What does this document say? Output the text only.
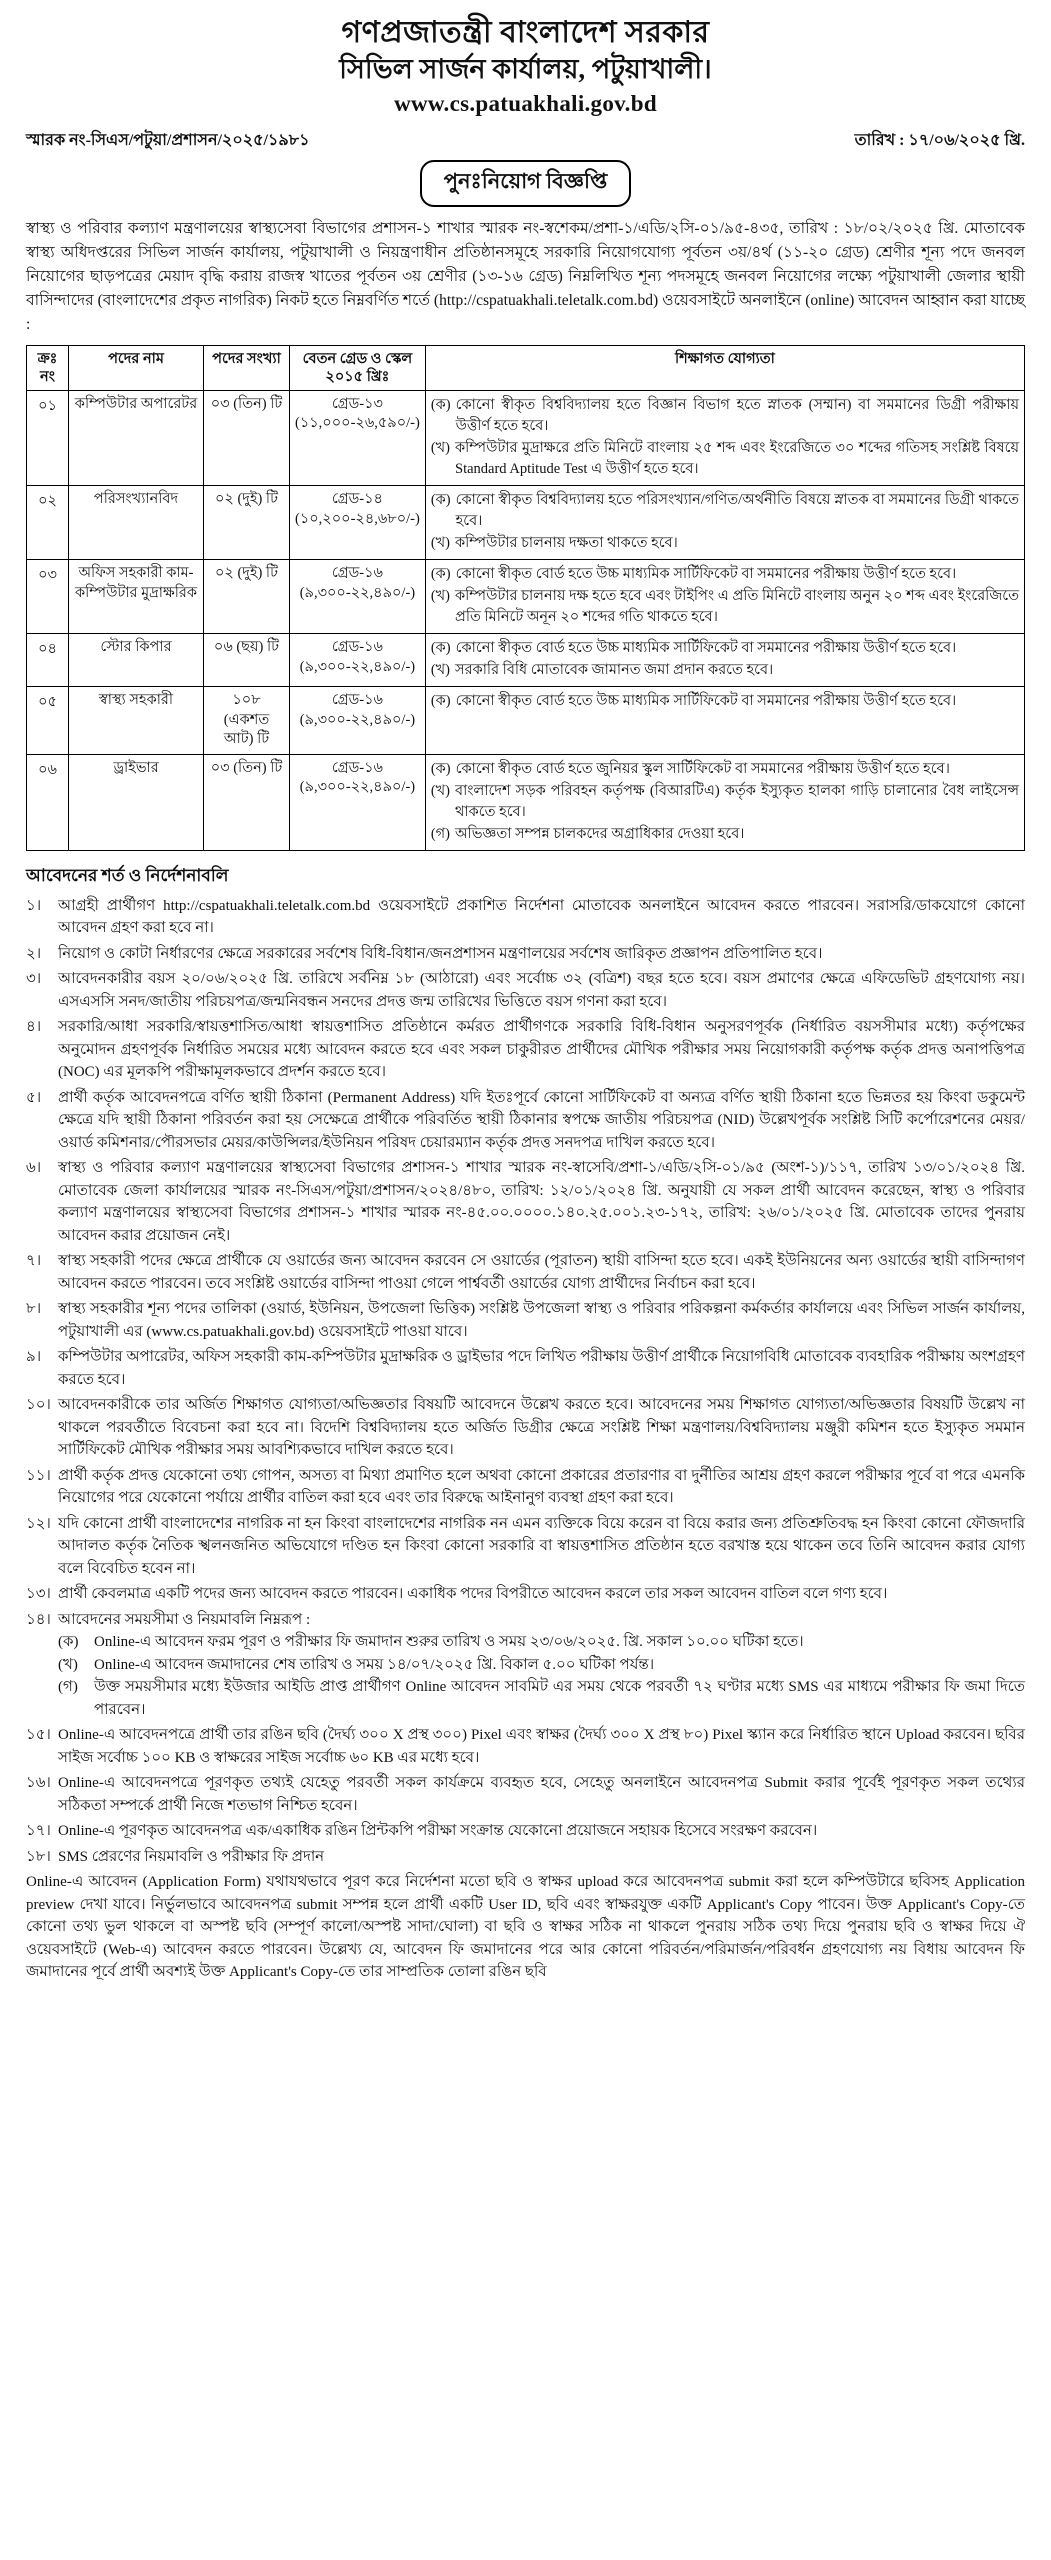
গণপ্রজাতন্ত্রী বাংলাদেশ সরকার
সিভিল সার্জন কার্যালয়, পটুয়াখালী।
www.cs.patuakhali.gov.bd
স্মারক নং-সিএস/পটুয়া/প্রশাসন/২০২৫/১৯৮১	তারিখ : ১৭/০৬/২০২৫ খ্রি.
পুনঃনিয়োগ বিজ্ঞপ্তি
স্বাস্থ্য ও পরিবার কল্যাণ মন্ত্রণালয়ের স্বাস্থ্যসেবা বিভাগের প্রশাসন-১ শাখার স্মারক নং-স্বশেকম/প্রশা-১/এডি/২সি-০১/৯৫-৪৩৫, তারিখ : ১৮/০২/২০২৫ খ্রি. মোতাবেক স্বাস্থ্য অধিদপ্তরের সিভিল সার্জন কার্যালয়, পটুয়াখালী ও নিয়ন্ত্রণাধীন প্রতিষ্ঠানসমূহে সরকারি নিয়োগযোগ্য পূর্বতন ৩য়/৪র্থ (১১-২০ গ্রেড) শ্রেণীর শূন্য পদে জনবল নিয়োগের ছাড়পত্রের মেয়াদ বৃদ্ধি করায় রাজস্ব খাতের পূর্বতন ৩য় শ্রেণীর (১৩-১৬ গ্রেড) নিম্নলিখিত শূন্য পদসমূহে জনবল নিয়োগের লক্ষ্যে পটুয়াখালী জেলার স্থায়ী বাসিন্দাদের (বাংলাদেশের প্রকৃত নাগরিক) নিকট হতে নিম্নবর্ণিত শর্তে (http://cspatuakhali.teletalk.com.bd) ওয়েবসাইটে অনলাইনে (online) আবেদন আহ্বান করা যাচ্ছে :
ক্রঃ নং	পদের নাম	পদের সংখ্যা	বেতন গ্রেড ও স্কেল ২০১৫ খ্রিঃ	শিক্ষাগত যোগ্যতা
০১	কম্পিউটার অপারেটর	০৩ (তিন) টি	গ্রেড-১৩ (১১,০০০-২৬,৫৯০/-)	(ক) কোনো স্বীকৃত বিশ্ববিদ্যালয় হতে বিজ্ঞান বিভাগ হতে স্নাতক (সম্মান) বা সমমানের ডিগ্রী পরীক্ষায় উত্তীর্ণ হতে হবে।
(খ) কম্পিউটার মুদ্রাক্ষরে প্রতি মিনিটে বাংলায় ২৫ শব্দ এবং ইংরেজিতে ৩০ শব্দের গতিসহ সংশ্লিষ্ট বিষয়ে Standard Aptitude Test এ উত্তীর্ণ হতে হবে।

০২	পরিসংখ্যানবিদ	০২ (দুই) টি	গ্রেড-১৪ (১০,২০০-২৪,৬৮০/-)	(ক) কোনো স্বীকৃত বিশ্ববিদ্যালয় হতে পরিসংখ্যান/গণিত/অর্থনীতি বিষয়ে স্নাতক বা সমমানের ডিগ্রী থাকতে হবে।
(খ) কম্পিউটার চালনায় দক্ষতা থাকতে হবে।

০৩	অফিস সহকারী কাম-কম্পিউটার মুদ্রাক্ষরিক	০২ (দুই) টি	গ্রেড-১৬ (৯,৩০০-২২,৪৯০/-)	(ক) কোনো স্বীকৃত বোর্ড হতে উচ্চ মাধ্যমিক সার্টিফিকেট বা সমমানের পরীক্ষায় উত্তীর্ণ হতে হবে।
(খ) কম্পিউটার চালনায় দক্ষ হতে হবে এবং টাইপিং এ প্রতি মিনিটে বাংলায় অনুন ২০ শব্দ এবং ইংরেজিতে প্রতি মিনিটে অনূন ২০ শব্দের গতি থাকতে হবে।

০৪	স্টোর কিপার	০৬ (ছয়) টি	গ্রেড-১৬ (৯,৩০০-২২,৪৯০/-)	(ক) কোনো স্বীকৃত বোর্ড হতে উচ্চ মাধ্যমিক সার্টিফিকেট বা সমমানের পরীক্ষায় উত্তীর্ণ হতে হবে।
(খ) সরকারি বিধি মোতাবেক জামানত জমা প্রদান করতে হবে।

০৫	স্বাস্থ্য সহকারী	১০৮ (একশত আট) টি	গ্রেড-১৬ (৯,৩০০-২২,৪৯০/-)	(ক) কোনো স্বীকৃত বোর্ড হতে উচ্চ মাধ্যমিক সার্টিফিকেট বা সমমানের পরীক্ষায় উত্তীর্ণ হতে হবে।

০৬	ড্রাইভার	০৩ (তিন) টি	গ্রেড-১৬ (৯,৩০০-২২,৪৯০/-)	
(ক) কোনো স্বীকৃত বোর্ড হতে জুনিয়র স্কুল সার্টিফিকেট বা সমমানের পরীক্ষায় উত্তীর্ণ হতে হবে।
(খ) বাংলাদেশ সড়ক পরিবহন কর্তৃপক্ষ (বিআরটিএ) কর্তৃক ইস্যুকৃত হালকা গাড়ি চালানোর বৈধ লাইসেন্স থাকতে হবে।
(গ) অভিজ্ঞতা সম্পন্ন চালকদের অগ্রাধিকার দেওয়া হবে।
আবেদনের শর্ত ও নির্দেশনাবলি
১।	আগ্রহী প্রার্থীগণ http://cspatuakhali.teletalk.com.bd ওয়েবসাইটে প্রকাশিত নির্দেশনা মোতাবেক অনলাইনে আবেদন করতে পারবেন। সরাসরি/ডাকযোগে কোনো আবেদন গ্রহণ করা হবে না।
২।	নিয়োগ ও কোটা নির্ধারণের ক্ষেত্রে সরকারের সর্বশেষ বিধি-বিধান/জনপ্রশাসন মন্ত্রণালয়ের সর্বশেষ জারিকৃত প্রজ্ঞাপন প্রতিপালিত হবে।
৩।	আবেদনকারীর বয়স ২০/০৬/২০২৫ খ্রি. তারিখে সর্বনিম্ন ১৮ (আঠারো) এবং সর্বোচ্চ ৩২ (বত্রিশ) বছর হতে হবে। বয়স প্রমাণের ক্ষেত্রে এফিডেভিট গ্রহণযোগ্য নয়। এসএসসি সনদ/জাতীয় পরিচয়পত্র/জন্মনিবন্ধন সনদের প্রদত্ত জন্ম তারিখের ভিত্তিতে বয়স গণনা করা হবে।
৪।	সরকারি/আধা সরকারি/স্বায়ত্তশাসিত/আধা স্বায়ত্তশাসিত প্রতিষ্ঠানে কর্মরত প্রার্থীগণকে সরকারি বিধি-বিধান অনুসরণপূর্বক (নির্ধারিত বয়সসীমার মধ্যে) কর্তৃপক্ষের অনুমোদন গ্রহণপূর্বক নির্ধারিত সময়ের মধ্যে আবেদন করতে হবে এবং সকল চাকুরীরত প্রার্থীদের মৌখিক পরীক্ষার সময় নিয়োগকারী কর্তৃপক্ষ কর্তৃক প্রদত্ত অনাপত্তিপত্র (NOC) এর মূলকপি পরীক্ষামূলকভাবে প্রদর্শন করতে হবে।
৫।	প্রার্থী কর্তৃক আবেদনপত্রে বর্ণিত স্থায়ী ঠিকানা (Permanent Address) যদি ইতঃপূর্বে কোনো সার্টিফিকেট বা অন্যত্র বর্ণিত স্থায়ী ঠিকানা হতে ভিন্নতর হয় কিংবা ডকুমেন্ট ক্ষেত্রে যদি স্থায়ী ঠিকানা পরিবর্তন করা হয় সেক্ষেত্রে প্রার্থীকে পরিবর্তিত স্থায়ী ঠিকানার স্বপক্ষে জাতীয় পরিচয়পত্র (NID) উল্লেখপূর্বক সংশ্লিষ্ট সিটি কর্পোরেশনের মেয়র/ওয়ার্ড কমিশনার/পৌরসভার মেয়র/কাউন্সিলর/ইউনিয়ন পরিষদ চেয়ারম্যান কর্তৃক প্রদত্ত সনদপত্র দাখিল করতে হবে।
৬।	স্বাস্থ্য ও পরিবার কল্যাণ মন্ত্রণালয়ের স্বাস্থ্যসেবা বিভাগের প্রশাসন-১ শাখার স্মারক নং-স্বাসেবি/প্রশা-১/এডি/২সি-০১/৯৫ (অংশ-১)/১১৭, তারিখ ১৩/০১/২০২৪ খ্রি. মোতাবেক জেলা কার্যালয়ের স্মারক নং-সিএস/পটুয়া/প্রশাসন/২০২৪/৪৮০, তারিখ: ১২/০১/২০২৪ খ্রি. অনুযায়ী যে সকল প্রার্থী আবেদন করেছেন, স্বাস্থ্য ও পরিবার কল্যাণ মন্ত্রণালয়ের স্বাস্থ্যসেবা বিভাগের প্রশাসন-১ শাখার স্মারক নং-৪৫.০০.০০০০.১৪০.২৫.০০১.২৩-১৭২, তারিখ: ২৬/০১/২০২৫ খ্রি. মোতাবেক তাদের পুনরায় আবেদন করার প্রয়োজন নেই।
৭।	স্বাস্থ্য সহকারী পদের ক্ষেত্রে প্রার্থীকে যে ওয়ার্ডের জন্য আবেদন করবেন সে ওয়ার্ডের (পূরাতন) স্থায়ী বাসিন্দা হতে হবে। একই ইউনিয়নের অন্য ওয়ার্ডের স্থায়ী বাসিন্দাগণ আবেদন করতে পারবেন। তবে সংশ্লিষ্ট ওয়ার্ডের বাসিন্দা পাওয়া গেলে পার্শ্ববর্তী ওয়ার্ডের যোগ্য প্রার্থীদের নির্বাচন করা হবে।
৮।	স্বাস্থ্য সহকারীর শূন্য পদের তালিকা (ওয়ার্ড, ইউনিয়ন, উপজেলা ভিত্তিক) সংশ্লিষ্ট উপজেলা স্বাস্থ্য ও পরিবার পরিকল্পনা কর্মকর্তার কার্যালয়ে এবং সিভিল সার্জন কার্যালয়, পটুয়াখালী এর (www.cs.patuakhali.gov.bd) ওয়েবসাইটে পাওয়া যাবে।
৯।	কম্পিউটার অপারেটর, অফিস সহকারী কাম-কম্পিউটার মুদ্রাক্ষরিক ও ড্রাইভার পদে লিখিত পরীক্ষায় উত্তীর্ণ প্রার্থীকে নিয়োগবিধি মোতাবেক ব্যবহারিক পরীক্ষায় অংশগ্রহণ করতে হবে।
১০। আবেদনকারীকে তার অর্জিত শিক্ষাগত যোগ্যতা/অভিজ্ঞতার বিষয়টি আবেদনে উল্লেখ করতে হবে। আবেদনের সময় শিক্ষাগত যোগ্যতা/অভিজ্ঞতার বিষয়টি উল্লেখ না থাকলে পরবর্তীতে বিবেচনা করা হবে না। বিদেশি বিশ্ববিদ্যালয় হতে অর্জিত ডিগ্রীর ক্ষেত্রে সংশ্লিষ্ট শিক্ষা মন্ত্রণালয়/বিশ্ববিদ্যালয় মঞ্জুরী কমিশন হতে ইস্যুকৃত সমমান সার্টিফিকেট মৌখিক পরীক্ষার সময় আবশ্যিকভাবে দাখিল করতে হবে।
১১। প্রার্থী কর্তৃক প্রদত্ত যেকোনো তথ্য গোপন, অসত্য বা মিথ্যা প্রমাণিত হলে অথবা কোনো প্রকারের প্রতারণার বা দুর্নীতির আশ্রয় গ্রহণ করলে পরীক্ষার পূর্বে বা পরে এমনকি নিয়োগের পরে যেকোনো পর্যায়ে প্রার্থীর বাতিল করা হবে এবং তার বিরুদ্ধে আইনানুগ ব্যবস্থা গ্রহণ করা হবে।
১২। যদি কোনো প্রার্থী বাংলাদেশের নাগরিক না হন কিংবা বাংলাদেশের নাগরিক নন এমন ব্যক্তিকে বিয়ে করেন বা বিয়ে করার জন্য প্রতিশ্রুতিবদ্ধ হন কিংবা কোনো ফৌজদারি আদালত কর্তৃক নৈতিক স্খলনজনিত অভিযোগে দণ্ডিত হন কিংবা কোনো সরকারি বা স্বায়ত্তশাসিত প্রতিষ্ঠান হতে বরখাস্ত হয়ে থাকেন তবে তিনি আবেদন করার যোগ্য বলে বিবেচিত হবেন না।
১৩। প্রার্থী কেবলমাত্র একটি পদের জন্য আবেদন করতে পারবেন। একাধিক পদের বিপরীতে আবেদন করলে তার সকল আবেদন বাতিল বলে গণ্য হবে।
১৪। আবেদনের সময়সীমা ও নিয়মাবলি নিম্নরূপ :
(ক)	Online-এ আবেদন ফরম পূরণ ও পরীক্ষার ফি জমাদান শুরুর তারিখ ও সময় ২৩/০৬/২০২৫. খ্রি. সকাল ১০.০০ ঘটিকা হতে।
(খ)	Online-এ আবেদন জমাদানের শেষ তারিখ ও সময় ১৪/০৭/২০২৫ খ্রি. বিকাল ৫.০০ ঘটিকা পর্যন্ত।
(গ)	উক্ত সময়সীমার মধ্যে ইউজার আইডি প্রাপ্ত প্রার্থীগণ Online আবেদন সাবমিট এর সময় থেকে পরবর্তী ৭২ ঘণ্টার মধ্যে SMS এর মাধ্যমে পরীক্ষার ফি জমা দিতে পারবেন।
১৫। Online-এ আবেদনপত্রে প্রার্থী তার রঙিন ছবি (দৈর্ঘ্য ৩০০ X প্রস্থ ৩০০) Pixel এবং স্বাক্ষর (দৈর্ঘ্য ৩০০ X প্রস্থ ৮০) Pixel স্ক্যান করে নির্ধারিত স্থানে Upload করবেন। ছবির সাইজ সর্বোচ্চ ১০০ KB ও স্বাক্ষরের সাইজ সর্বোচ্চ ৬০ KB এর মধ্যে হবে।
১৬। Online-এ আবেদনপত্রে পূরণকৃত তথ্যই যেহেতু পরবর্তী সকল কার্যক্রমে ব্যবহৃত হবে, সেহেতু অনলাইনে আবেদনপত্র Submit করার পূর্বেই পূরণকৃত সকল তথ্যের সঠিকতা সম্পর্কে প্রার্থী নিজে শতভাগ নিশ্চিত হবেন।
১৭। Online-এ পূরণকৃত আবেদনপত্র এক/একাধিক রঙিন প্রিন্টকপি পরীক্ষা সংক্রান্ত যেকোনো প্রয়োজনে সহায়ক হিসেবে সংরক্ষণ করবেন।
১৮। SMS প্রেরণের নিয়মাবলি ও পরীক্ষার ফি প্রদান
Online-এ আবেদন (Application Form) যথাযথভাবে পূরণ করে নির্দেশনা মতাে ছবি ও স্বাক্ষর upload করে আবেদনপত্র submit করা হলে কম্পিউটারে ছবিসহ Application preview দেখা যাবে। নির্ভুলভাবে আবেদনপত্র submit সম্পন্ন হলে প্রার্থী একটি User ID, ছবি এবং স্বাক্ষরযুক্ত একটি Applicant's Copy পাবেন। উক্ত Applicant's Copy-তে কোনো তথ্য ভুল থাকলে বা অস্পষ্ট ছবি (সম্পূর্ণ কালাে/অস্পষ্ট সাদা/ঘােলা) বা ছবি ও স্বাক্ষর সঠিক না থাকলে পুনরায় সঠিক তথ্য দিয়ে পুনরায় ছবি ও স্বাক্ষর দিয়ে ঐ ওয়েবসাইটে (Web-এ) আবেদন করতে পারবেন। উল্লেখ্য যে, আবেদন ফি জমাদানের পরে আর কোনাে পরিবর্তন/পরিমার্জন/পরিবর্ধন গ্রহণযোগ্য নয় বিধায় আবেদন ফি জমাদানের পূর্বে প্রার্থী অবশ্যই উক্ত Applicant's Copy-তে তার সাম্প্রতিক তােলা রঙিন ছবি
